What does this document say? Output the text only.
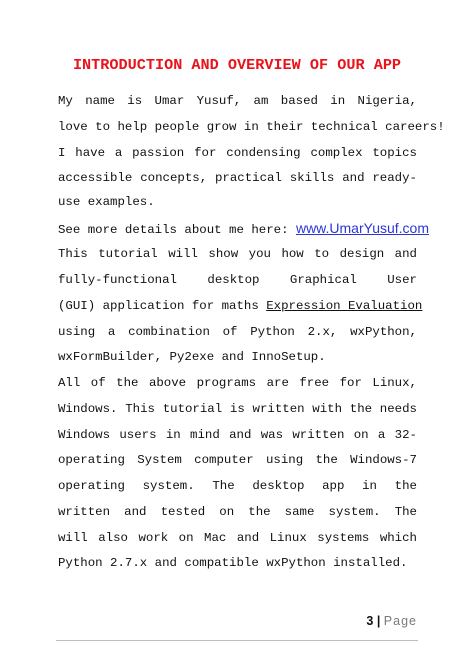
INTRODUCTION AND OVERVIEW OF OUR APP
My name is Umar Yusuf, am based in Nigeria,
love to help people grow in their technical careers!
I have a passion for condensing complex topics
accessible concepts, practical skills and ready-
use examples.
See more details about me here: www.UmarYusuf.com
This tutorial will show you how to design and
fully-functional desktop Graphical User
(GUI) application for maths Expression Evaluation
using a combination of Python 2.x, wxPython,
wxFormBuilder, Py2exe and InnoSetup.
All of the above programs are free for Linux,
Windows. This tutorial is written with the needs
Windows users in mind and was written on a 32-
operating System computer using the Windows-7
operating system. The desktop app in the
written and tested on the same system. The
will also work on Mac and Linux systems which
Python 2.7.x and compatible wxPython installed.
3 | Page
